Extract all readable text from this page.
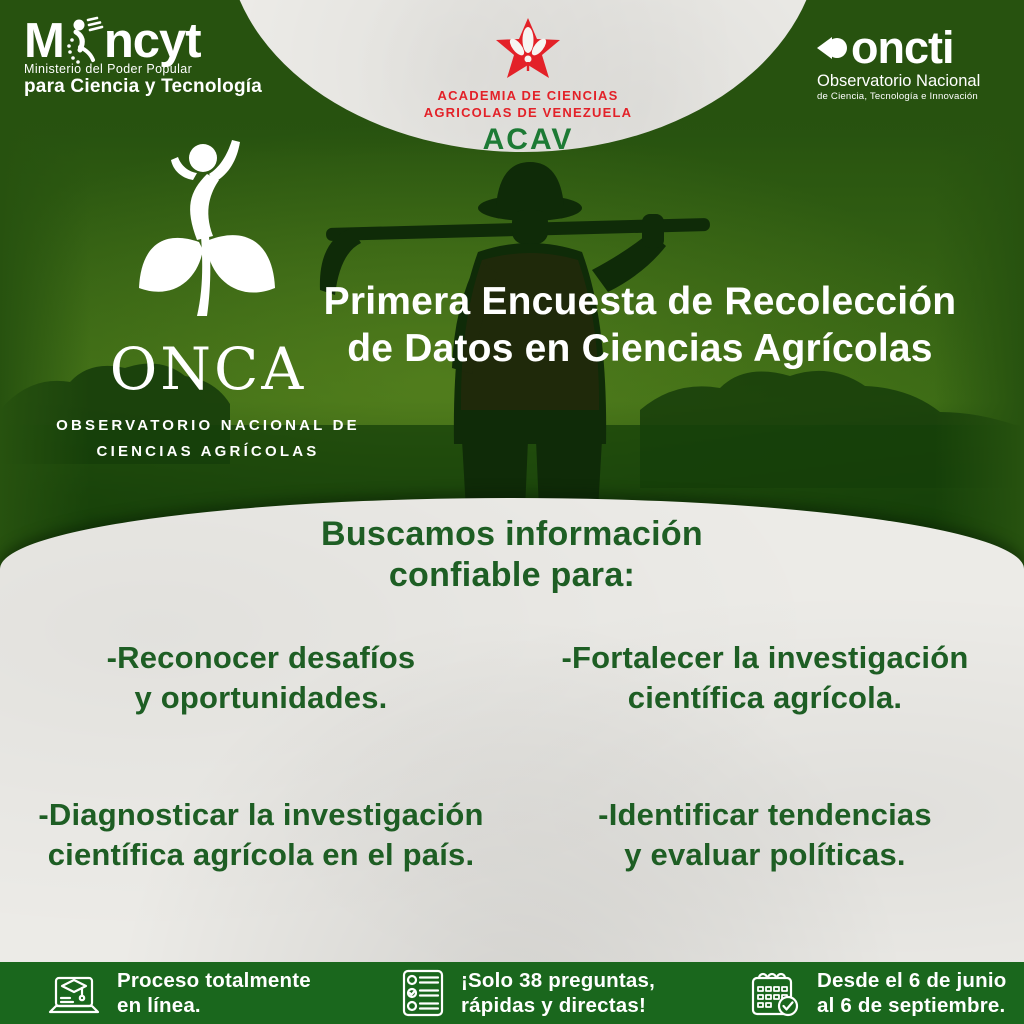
ACADEMIA DE CIENCIAS
AGRICOLAS DE VENEZUELA
ACAV
M ncyt
Ministerio del Poder Popular
para Ciencia y Tecnología
oncti
Observatorio Nacional
de Ciencia, Tecnología e Innovación
ONCA
OBSERVATORIO NACIONAL DE
CIENCIAS AGRÍCOLAS
Primera Encuesta de Recolección
de Datos en Ciencias Agrícolas
Buscamos información
confiable para:
-Reconocer desafíos
y oportunidades.
-Fortalecer la investigación
científica agrícola.
-Diagnosticar la investigación
científica agrícola en el país.
-Identificar tendencias
y evaluar políticas.
Proceso totalmente
en línea.
¡Solo 38 preguntas,
rápidas y directas!
Desde el 6 de junio
al 6 de septiembre.
